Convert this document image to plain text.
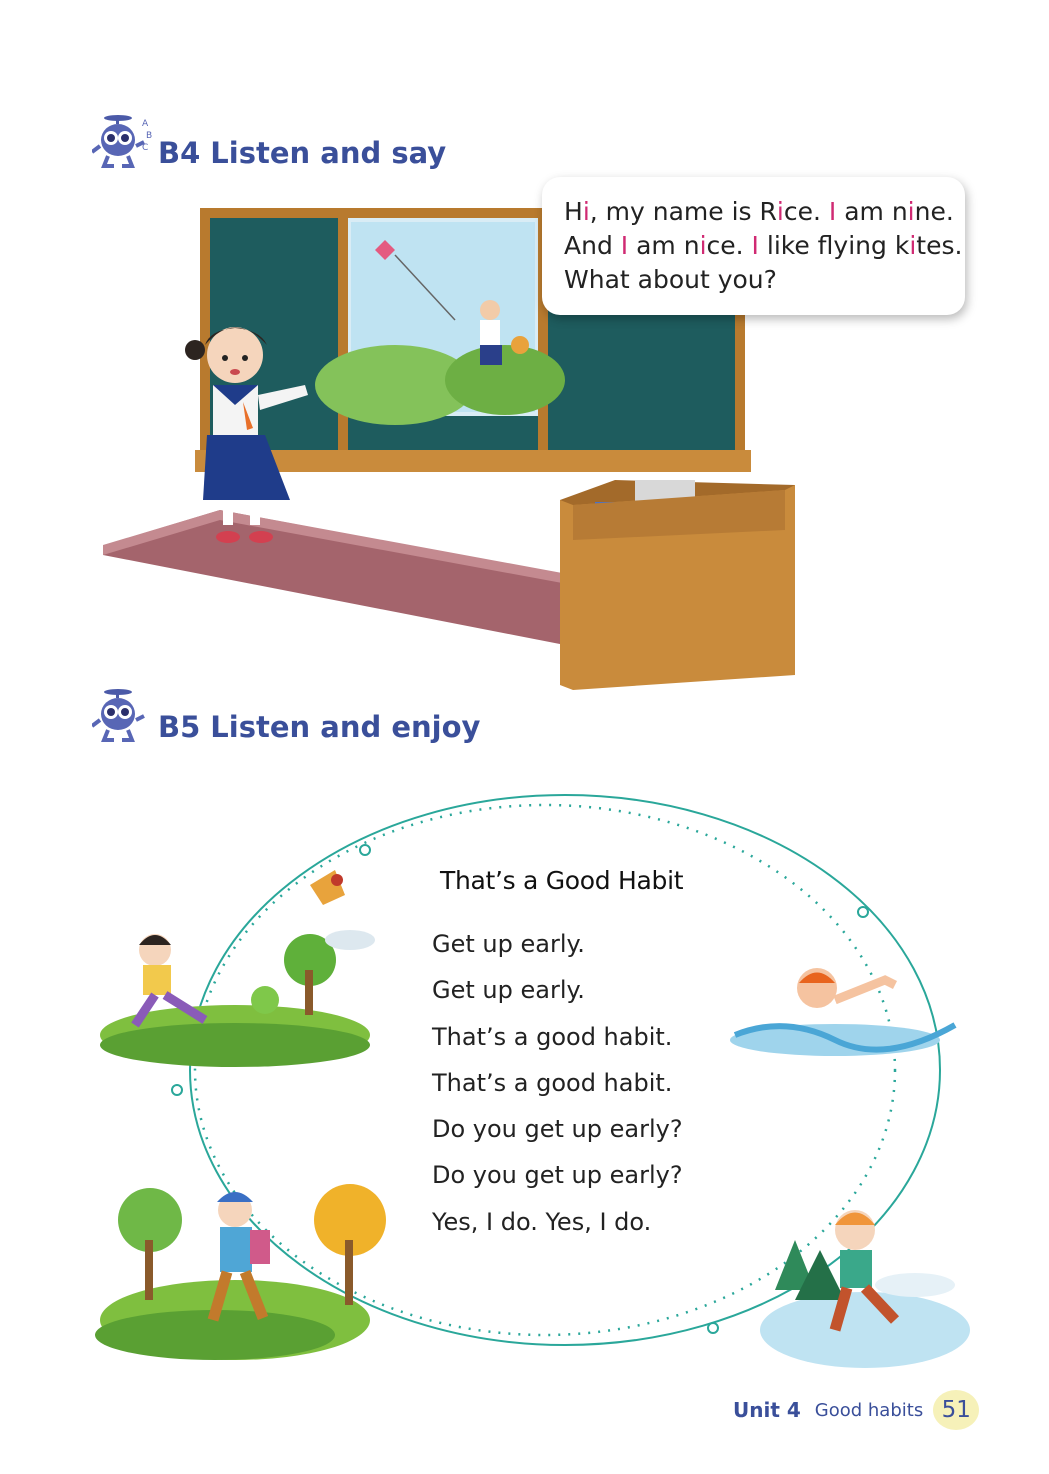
A
B
C B4 Listen and say
Hi, my name is Rice. I am nine.
And I am nice. I like flying kites.
What about you?
B5 Listen and enjoy
That’s a Good Habit
Get up early.
Get up early.
That’s a good habit.
That’s a good habit.
Do you get up early?
Do you get up early?
Yes, I do. Yes, I do.
Unit 4 Good habits 51
